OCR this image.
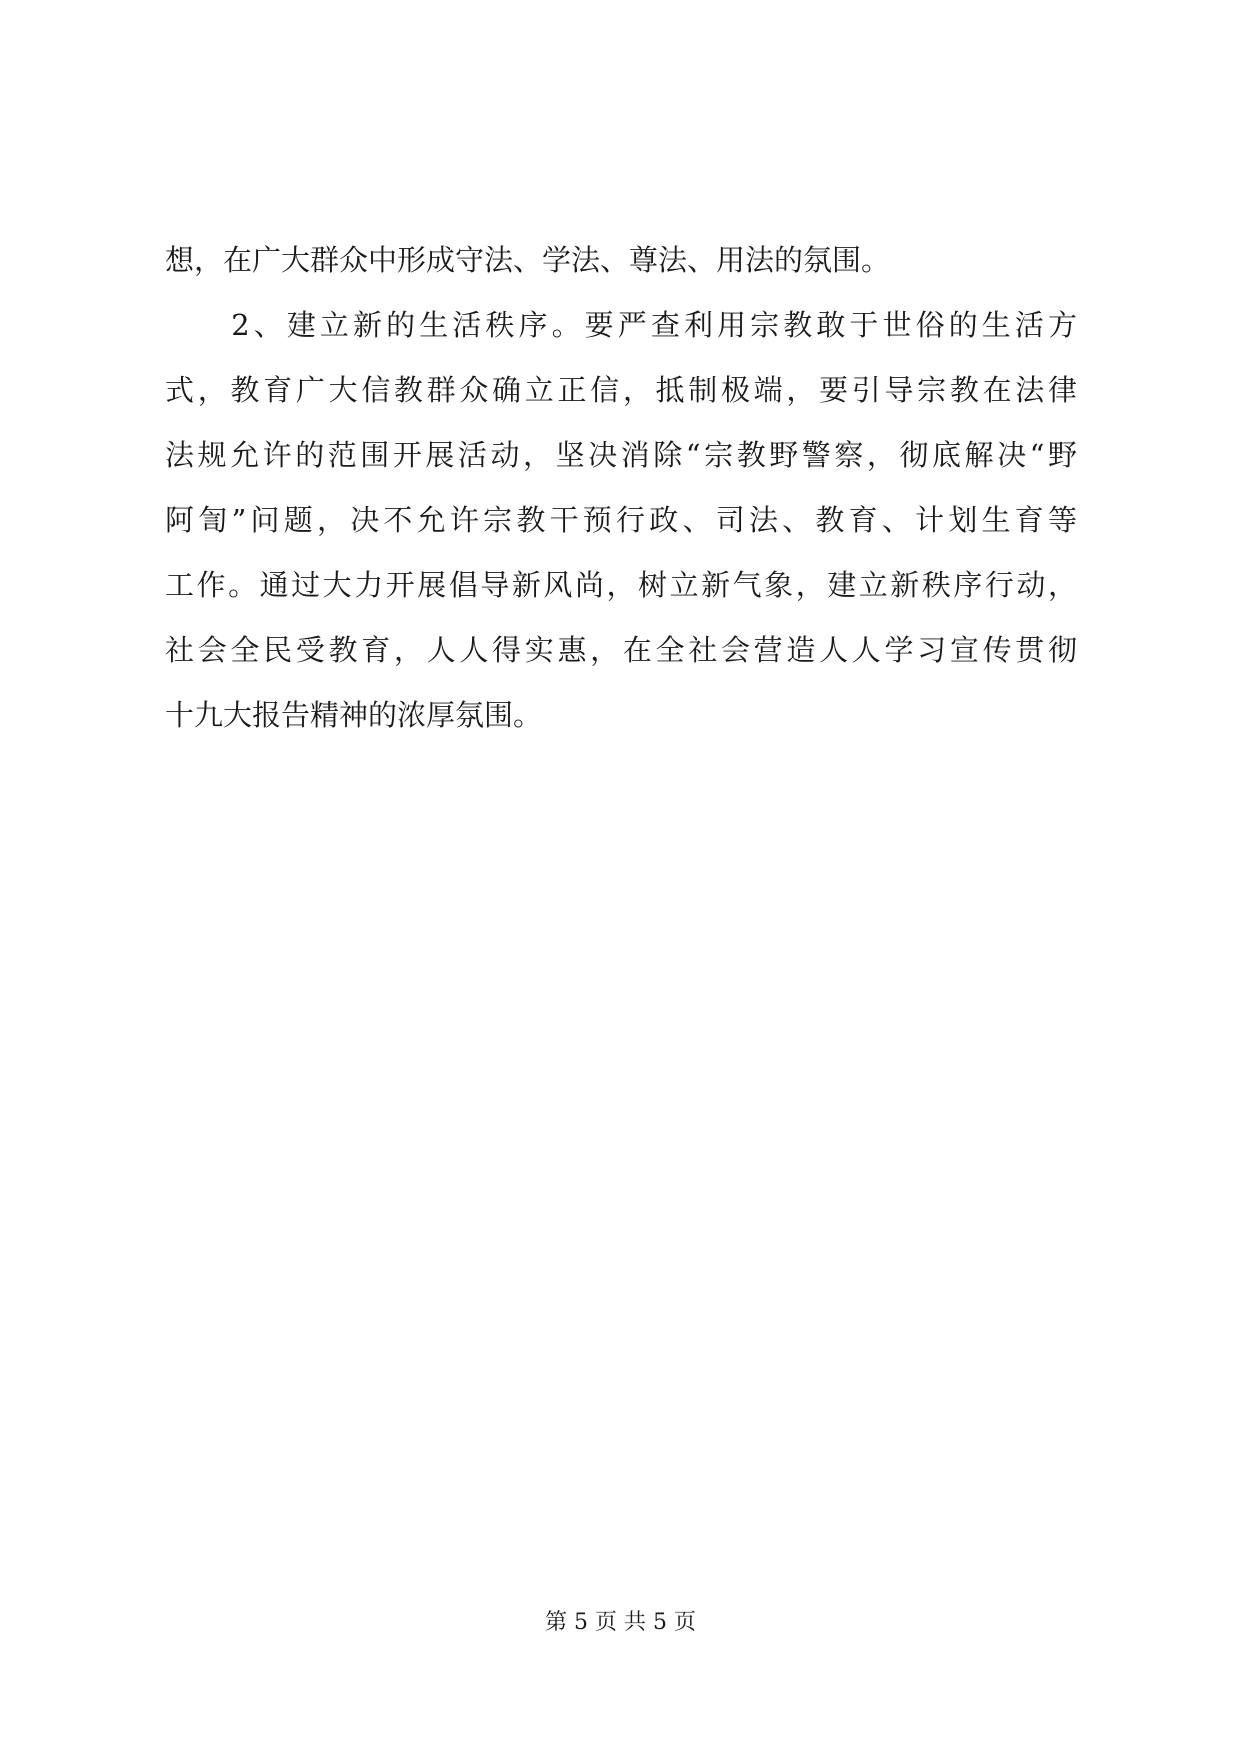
想，在广大群众中形成守法、学法、尊法、用法的氛围。
　　2、建立新的生活秩序。要严查利用宗教敢于世俗的生活方
式，教育广大信教群众确立正信，抵制极端，要引导宗教在法律
法规允许的范围开展活动，坚决消除“宗教野警察，彻底解决“野
阿訇”问题，决不允许宗教干预行政、司法、教育、计划生育等
工作。通过大力开展倡导新风尚，树立新气象，建立新秩序行动，
社会全民受教育，人人得实惠，在全社会营造人人学习宣传贯彻
十九大报告精神的浓厚氛围。
第 5 页 共 5 页
